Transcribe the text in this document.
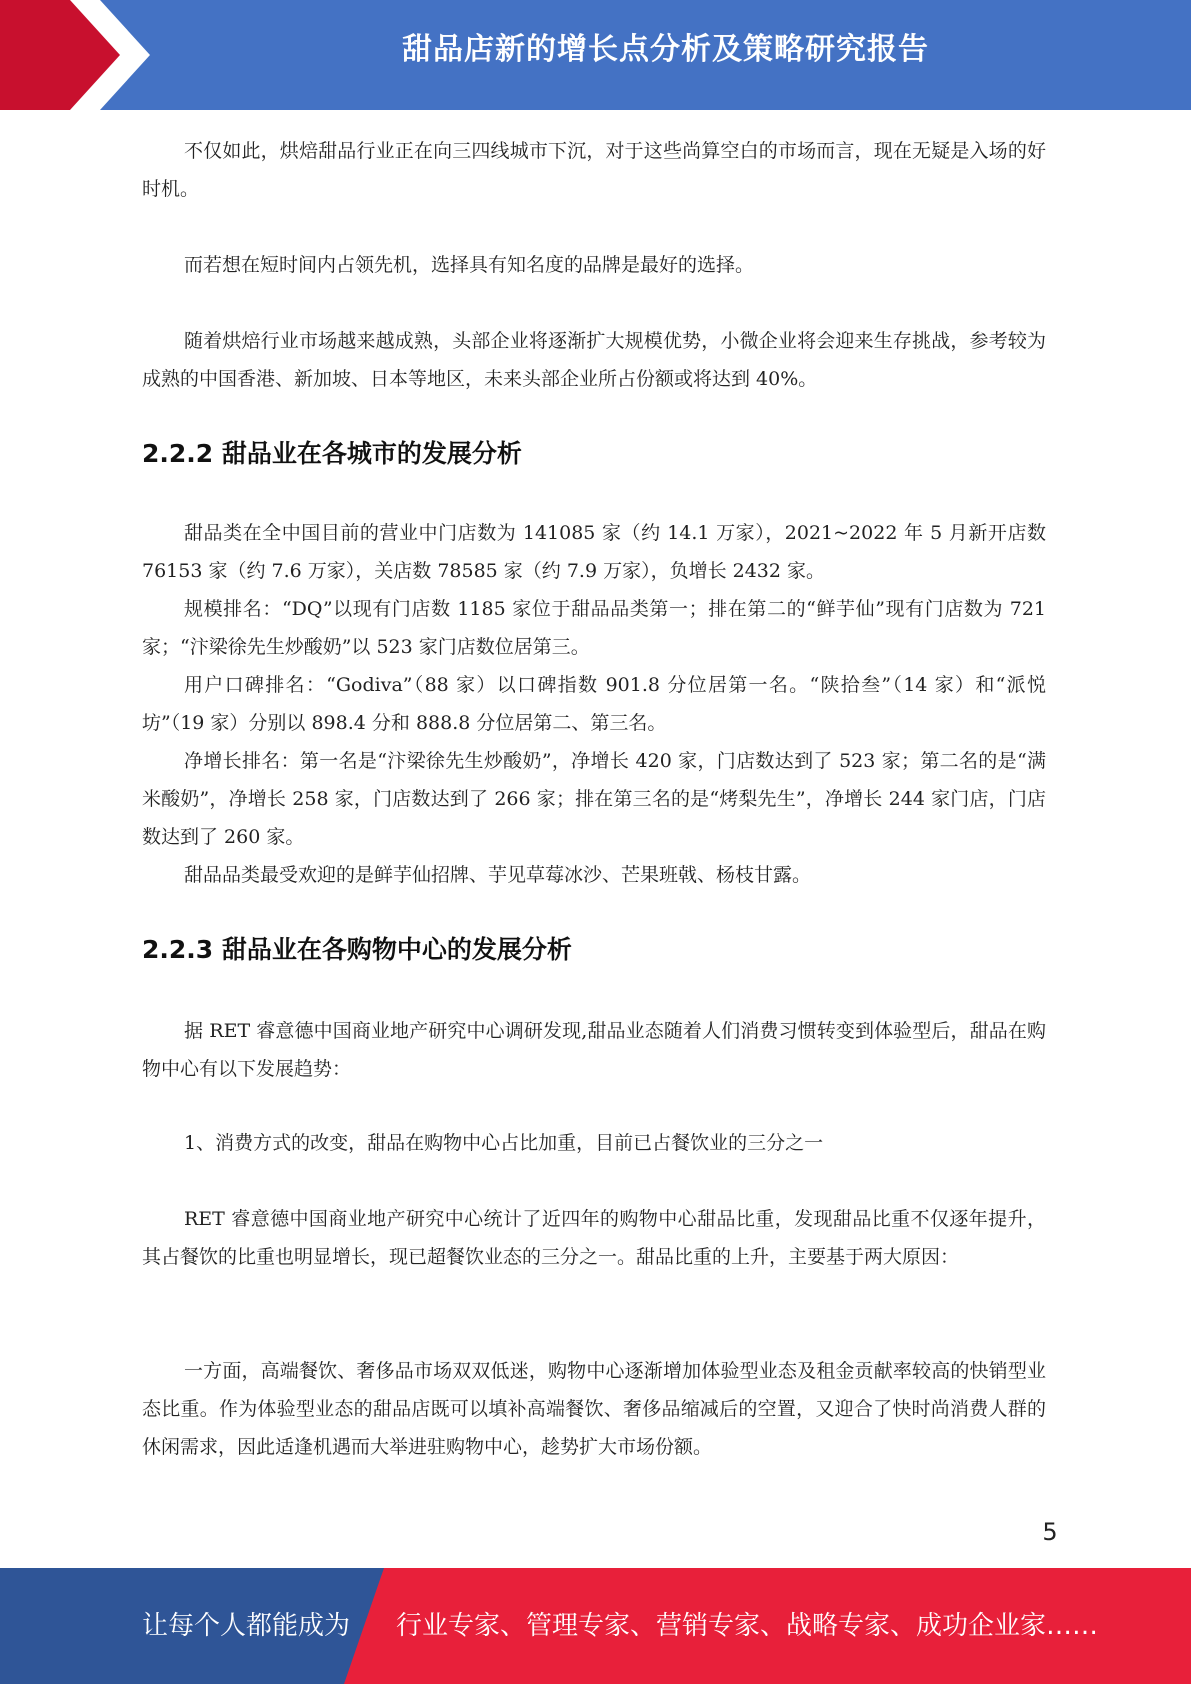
甜品店新的增长点分析及策略研究报告

不仅如此，烘焙甜品行业正在向三四线城市下沉，对于这些尚算空白的市场而言，现在无疑是入场的好时机。

而若想在短时间内占领先机，选择具有知名度的品牌是最好的选择。

随着烘焙行业市场越来越成熟，头部企业将逐渐扩大规模优势，小微企业将会迎来生存挑战，参考较为成熟的中国香港、新加坡、日本等地区，未来头部企业所占份额或将达到 40%。

2.2.2 甜品业在各城市的发展分析

甜品类在全中国目前的营业中门店数为 141085 家（约 14.1 万家），2021~2022 年 5 月新开店数 76153 家（约 7.6 万家），关店数 78585 家（约 7.9 万家），负增长 2432 家。

规模排名：“DQ”以现有门店数 1185 家位于甜品品类第一；排在第二的“鲜芋仙”现有门店数为 721 家；“汴梁徐先生炒酸奶”以 523 家门店数位居第三。

用户口碑排名：“Godiva”（88 家）以口碑指数 901.8 分位居第一名。“陕拾叁”（14 家）和“派悦坊”（19 家）分别以 898.4 分和 888.8 分位居第二、第三名。

净增长排名：第一名是“汴梁徐先生炒酸奶”，净增长 420 家，门店数达到了 523 家；第二名的是“满米酸奶”，净增长 258 家，门店数达到了 266 家；排在第三名的是“烤梨先生”，净增长 244 家门店，门店数达到了 260 家。

甜品品类最受欢迎的是鲜芋仙招牌、芋见草莓冰沙、芒果班戟、杨枝甘露。

2.2.3 甜品业在各购物中心的发展分析

据 RET 睿意德中国商业地产研究中心调研发现,甜品业态随着人们消费习惯转变到体验型后，甜品在购物中心有以下发展趋势：

1、消费方式的改变，甜品在购物中心占比加重，目前已占餐饮业的三分之一

RET 睿意德中国商业地产研究中心统计了近四年的购物中心甜品比重，发现甜品比重不仅逐年提升，其占餐饮的比重也明显增长，现已超餐饮业态的三分之一。甜品比重的上升，主要基于两大原因：

一方面，高端餐饮、奢侈品市场双双低迷，购物中心逐渐增加体验型业态及租金贡献率较高的快销型业态比重。作为体验型业态的甜品店既可以填补高端餐饮、奢侈品缩减后的空置，又迎合了快时尚消费人群的休闲需求，因此适逢机遇而大举进驻购物中心，趁势扩大市场份额。

5
让每个人都能成为 行业专家、管理专家、营销专家、战略专家、成功企业家……
